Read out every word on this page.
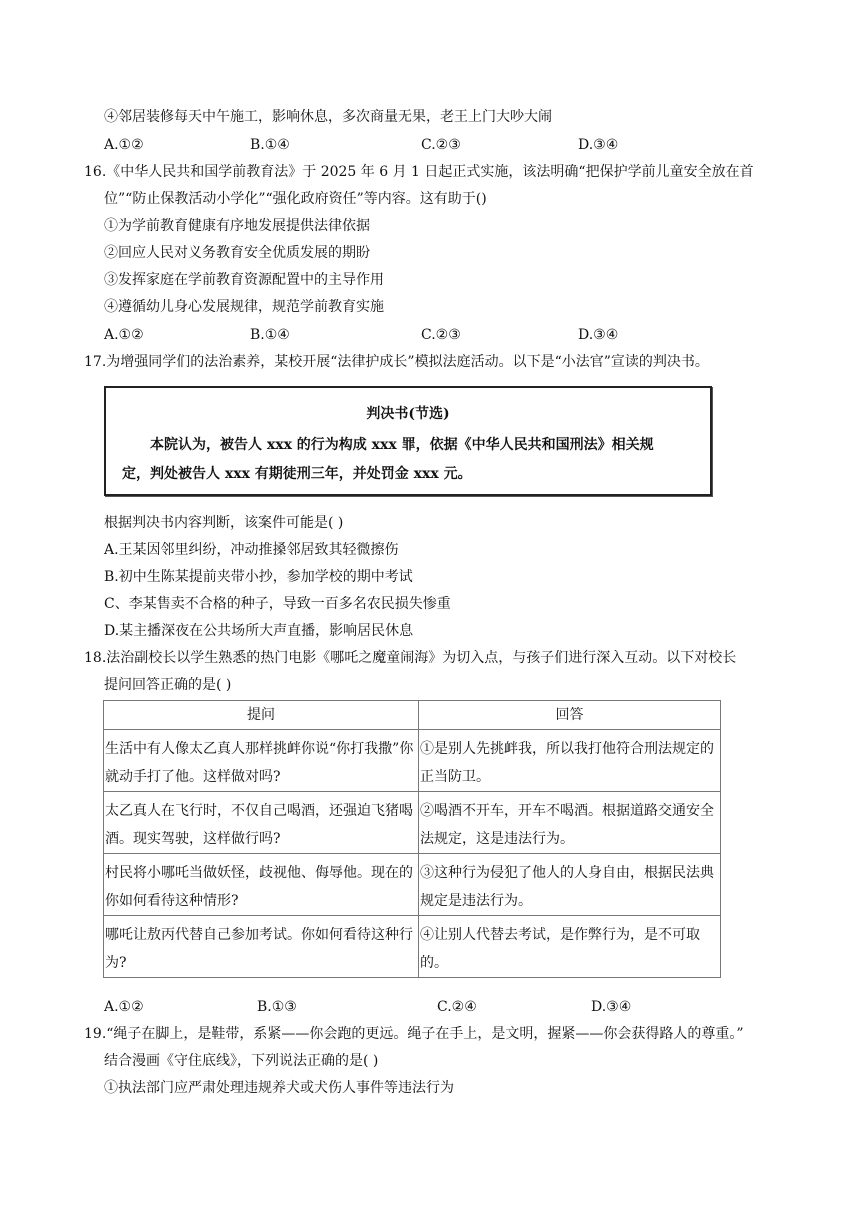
④邻居装修每天中午施工，影响休息，多次商量无果，老王上门大吵大闹
A.①②	B.①④	C.②③	D.③④
16.《中华人民共和国学前教育法》于 2025 年 6 月 1 日起正式实施，该法明确“把保护学前儿童安全放在首
位”“防止保教活动小学化”“强化政府资任”等内容。这有助于()
①为学前教育健康有序地发展提供法律依据
②回应人民对义务教育安全优质发展的期盼
③发挥家庭在学前教育资源配置中的主导作用
④遵循幼儿身心发展规律，规范学前教育实施
A.①②	B.①④	C.②③	D.③④
17.为增强同学们的法治素养，某校开展“法律护成长”模拟法庭活动。以下是“小法官”宣读的判决书。
判决书(节选)
本院认为，被告人 xxx 的行为构成 xxx 罪，依据《中华人民共和国刑法》相关规
定，判处被告人 xxx 有期徒刑三年，并处罚金 xxx 元。
根据判决书内容判断，该案件可能是( )
A.王某因邻里纠纷，冲动推搡邻居致其轻微擦伤
B.初中生陈某提前夹带小抄，参加学校的期中考试
C、李某售卖不合格的种子，导致一百多名农民损失惨重
D.某主播深夜在公共场所大声直播，影响居民休息
18.法治副校长以学生熟悉的热门电影《哪吒之魔童闹海》为切入点，与孩子们进行深入互动。以下对校长
提问回答正确的是( )
提问	回答

生活中有人像太乙真人那样挑衅你说“你打我撒”你就动手打了他。这样做对吗?	①是别人先挑衅我，所以我打他符合刑法规定的正当防卫。

太乙真人在飞行时，不仅自己喝酒，还强迫飞猪喝酒。现实驾驶，这样做行吗?	②喝酒不开车，开车不喝酒。根据道路交通安全法规定，这是违法行为。

村民将小哪吒当做妖怪，歧视他、侮辱他。现在的你如何看待这种情形?	③这种行为侵犯了他人的人身自由，根据民法典规定是违法行为。

哪吒让敖丙代替自己参加考试。你如何看待这种行为?	④让别人代替去考试，是作弊行为，是不可取的。
A.①②	B.①③	C.②④	D.③④
19.“绳子在脚上，是鞋带，系紧——你会跑的更远。绳子在手上，是文明，握紧——你会获得路人的尊重。”
结合漫画《守住底线》，下列说法正确的是( )
①执法部门应严肃处理违规养犬或犬伤人事件等违法行为
